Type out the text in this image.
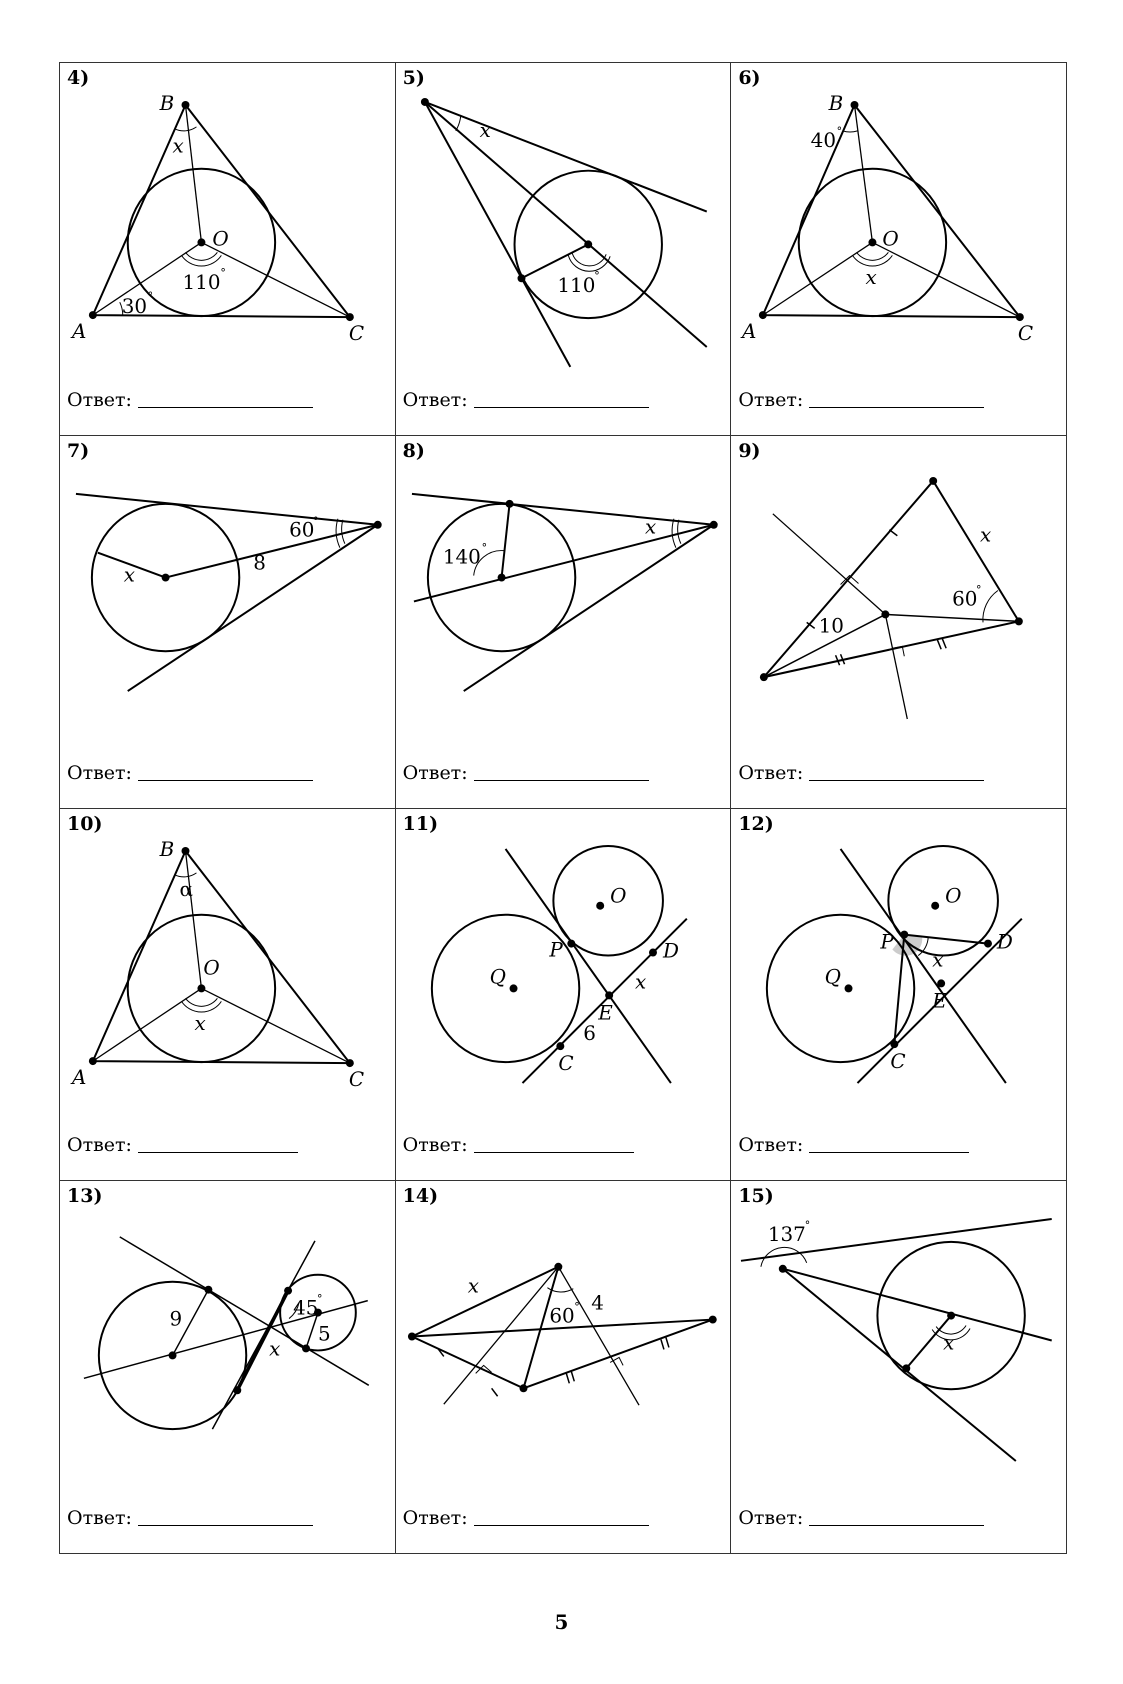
4)
B
A	C
O
x
30 °
110 °
Ответ:
5)
x
110
°
Ответ:
6)
B
A	C
O
x
40 °
Ответ:
7)
x
8
60
°
Ответ:
8)
x
140 °
Ответ:
9)
x
10
60
°
Ответ:
10)
B
A	C
O
x
α
Ответ:
11)
O
Q
P	D
E
C
x
6
Ответ:
12)
O
Q
P	D
E
C
x
Ответ:
13)
9
5
x
45
°
Ответ:
14)
x
4
60 °
Ответ:
15)
137
°
x
Ответ:
5
